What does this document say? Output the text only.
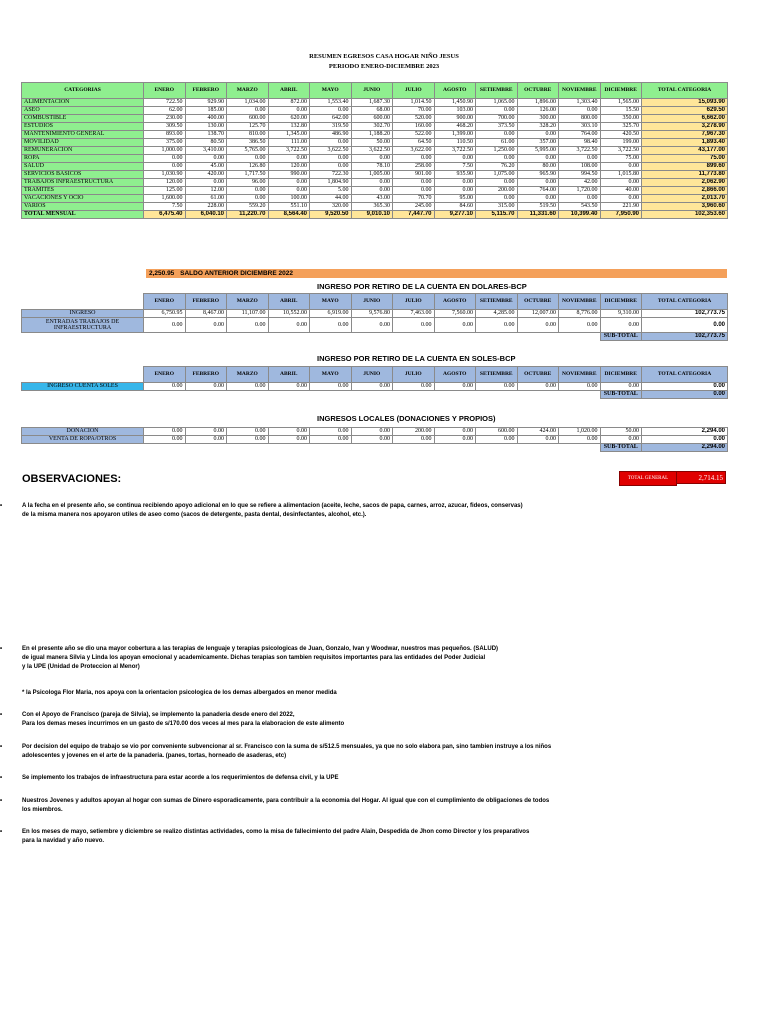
RESUMEN EGRESOS CASA HOGAR NIÑO JESUS
PERIODO ENERO-DICIEMBRE 2023
CATEGORIAS	ENERO	FEBRERO	MARZO	ABRIL	MAYO	JUNIO	JULIO	AGOSTO	SETIEMBRE	OCTUBRE	NOVIEMBRE	DICIEMBRE	TOTAL CATEGORIA
ALIMENTACION	722.50	929.90	1,034.00	872.00	1,553.40	1,687.30	1,014.50	1,450.90	1,065.00	1,896.00	1,303.40	1,565.00	15,093.90
ASEO	62.00	185.00	0.00	0.00	0.00	68.00	70.00	103.00	0.00	126.00	0.00	15.50	629.50
COMBUSTIBLE	230.00	400.00	600.00	620.00	642.00	600.00	520.00	900.00	700.00	300.00	800.00	350.00	6,662.00
ESTUDIOS	309.50	130.00	125.70	132.80	319.50	302.70	160.00	468.20	373.50	328.20	303.10	325.70	3,278.90
MANTENIMIENTO GENERAL	893.00	138.70	810.00	1,345.00	486.90	1,188.20	522.00	1,399.00	0.00	0.00	764.00	420.50	7,967.30
MOVILIDAD	375.00	80.50	386.50	111.00	0.00	50.00	64.50	110.50	61.00	357.00	98.40	199.00	1,893.40
REMUNERACION	1,000.00	3,410.00	5,765.00	3,722.50	3,622.50	3,622.50	3,622.00	3,722.50	1,250.00	5,995.00	3,722.50	3,722.50	43,177.00
ROPA	0.00	0.00	0.00	0.00	0.00	0.00	0.00	0.00	0.00	0.00	0.00	75.00	75.00
SALUD	0.00	45.00	126.80	120.00	0.00	78.10	258.00	7.50	76.20	80.00	108.00	0.00	899.60
SERVICIOS BASICOS	1,030.90	420.00	1,717.50	990.00	722.30	1,005.00	901.00	935.90	1,075.00	965.90	994.50	1,015.80	11,773.80
TRABAJOS INFRAESTRUCTURA	120.00	0.00	96.00	0.00	1,804.90	0.00	0.00	0.00	0.00	0.00	42.00	0.00	2,062.90
TRAMITES	125.00	12.00	0.00	0.00	5.00	0.00	0.00	0.00	200.00	764.00	1,720.00	40.00	2,866.00
VACACIONES Y OCIO	1,600.00	61.00	0.00	100.00	44.00	43.00	70.70	95.00	0.00	0.00	0.00	0.00	2,013.70
VARIOS	7.50	228.00	559.20	551.10	320.00	365.30	245.00	84.60	315.00	519.50	543.50	221.90	3,960.60
TOTAL MENSUAL	6,475.40	6,040.10	11,220.70	8,564.40	9,520.50	9,010.10	7,447.70	9,277.10	5,115.70	11,331.60	10,399.40	7,950.90	102,353.60
2,250.95 SALDO ANTERIOR DICIEMBRE 2022
INGRESO POR RETIRO DE LA CUENTA EN DOLARES-BCP
	ENERO	FEBRERO	MARZO	ABRIL	MAYO	JUNIO	JULIO	AGOSTO	SETIEMBRE	OCTUBRE	NOVIEMBRE	DICIEMBRE	TOTAL CATEGORIA
INGRESO	6,750.95	8,467.00	11,107.00	10,552.00	6,919.00	9,576.80	7,463.00	7,560.00	4,285.00	12,007.00	8,776.00	9,310.00	102,773.75
ENTRADAS TRABAJOS DE INFRAESTRUCTURA	0.00	0.00	0.00	0.00	0.00	0.00	0.00	0.00	0.00	0.00	0.00	0.00	0.00
												SUB-TOTAL	102,773.75
INGRESO POR RETIRO DE LA CUENTA EN SOLES-BCP
	ENERO	FEBRERO	MARZO	ABRIL	MAYO	JUNIO	JULIO	AGOSTO	SETIEMBRE	OCTUBRE	NOVIEMBRE	DICIEMBRE	TOTAL CATEGORIA
INGRESO CUENTA SOLES	0.00	0.00	0.00	0.00	0.00	0.00	0.00	0.00	0.00	0.00	0.00	0.00	0.00
												SUB-TOTAL	0.00
INGRESOS LOCALES (DONACIONES Y PROPIOS)
DONACION	0.00	0.00	0.00	0.00	0.00	0.00	200.00	0.00	600.00	424.00	1,020.00	50.00	2,294.00
VENTA DE ROPA/OTROS	0.00	0.00	0.00	0.00	0.00	0.00	0.00	0.00	0.00	0.00	0.00	0.00	0.00
												SUB-TOTAL	2,294.00
OBSERVACIONES:	TOTAL GENERAL	2,714.15
•	A la fecha en el presente año, se continua recibiendo apoyo adicional en lo que se refiere a alimentacion (aceite, leche, sacos de papa, carnes, arroz, azucar, fideos, conservas)
de la misma manera nos apoyaron utiles de aseo como (sacos de detergente, pasta dental, desinfectantes, alcohol, etc.).
•	En el presente año se dio una mayor cobertura a las terapias de lenguaje y terapias psicologicas de Juan, Gonzalo, Ivan y Woodwar, nuestros mas pequeños. (SALUD)
de igual manera Silvia y Linda los apoyan emocional y academicamente. Dichas terapias son tambien requisitos importantes para las entidades del Poder Judicial
y la UPE (Unidad de Proteccion al Menor)
* la Psicologa Flor Maria, nos apoya con la orientacion psicologica de los demas albergados en menor medida
•	Con el Apoyo de Francisco (pareja de Silvia), se implemento la panaderia desde enero del 2022,
Para los demas meses incurrimos en un gasto de s/170.00 dos veces al mes para la elaboracion de este alimento
•	Por decision del equipo de trabajo se vio por conveniente subvencionar al sr. Francisco con la suma de s/512.5 mensuales, ya que no solo elabora pan, sino tambien instruye a los niños
adolescentes y jovenes en el arte de la panaderia. (panes, tortas, horneado de asaderas, etc)
•	Se implemento los trabajos de infraestructura para estar acorde a los requerimientos de defensa civil, y la UPE
•	Nuestros Jovenes y adultos apoyan al hogar con sumas de Dinero esporadicamente, para contribuir a la economia del Hogar. Al igual que con el cumplimiento de obligaciones de todos
los miembros.
•	En los meses de mayo, setiembre y diciembre se realizo distintas actividades, como la misa de fallecimiento del padre Alain, Despedida de Jhon como Director y los preparativos
para la navidad y año nuevo.
